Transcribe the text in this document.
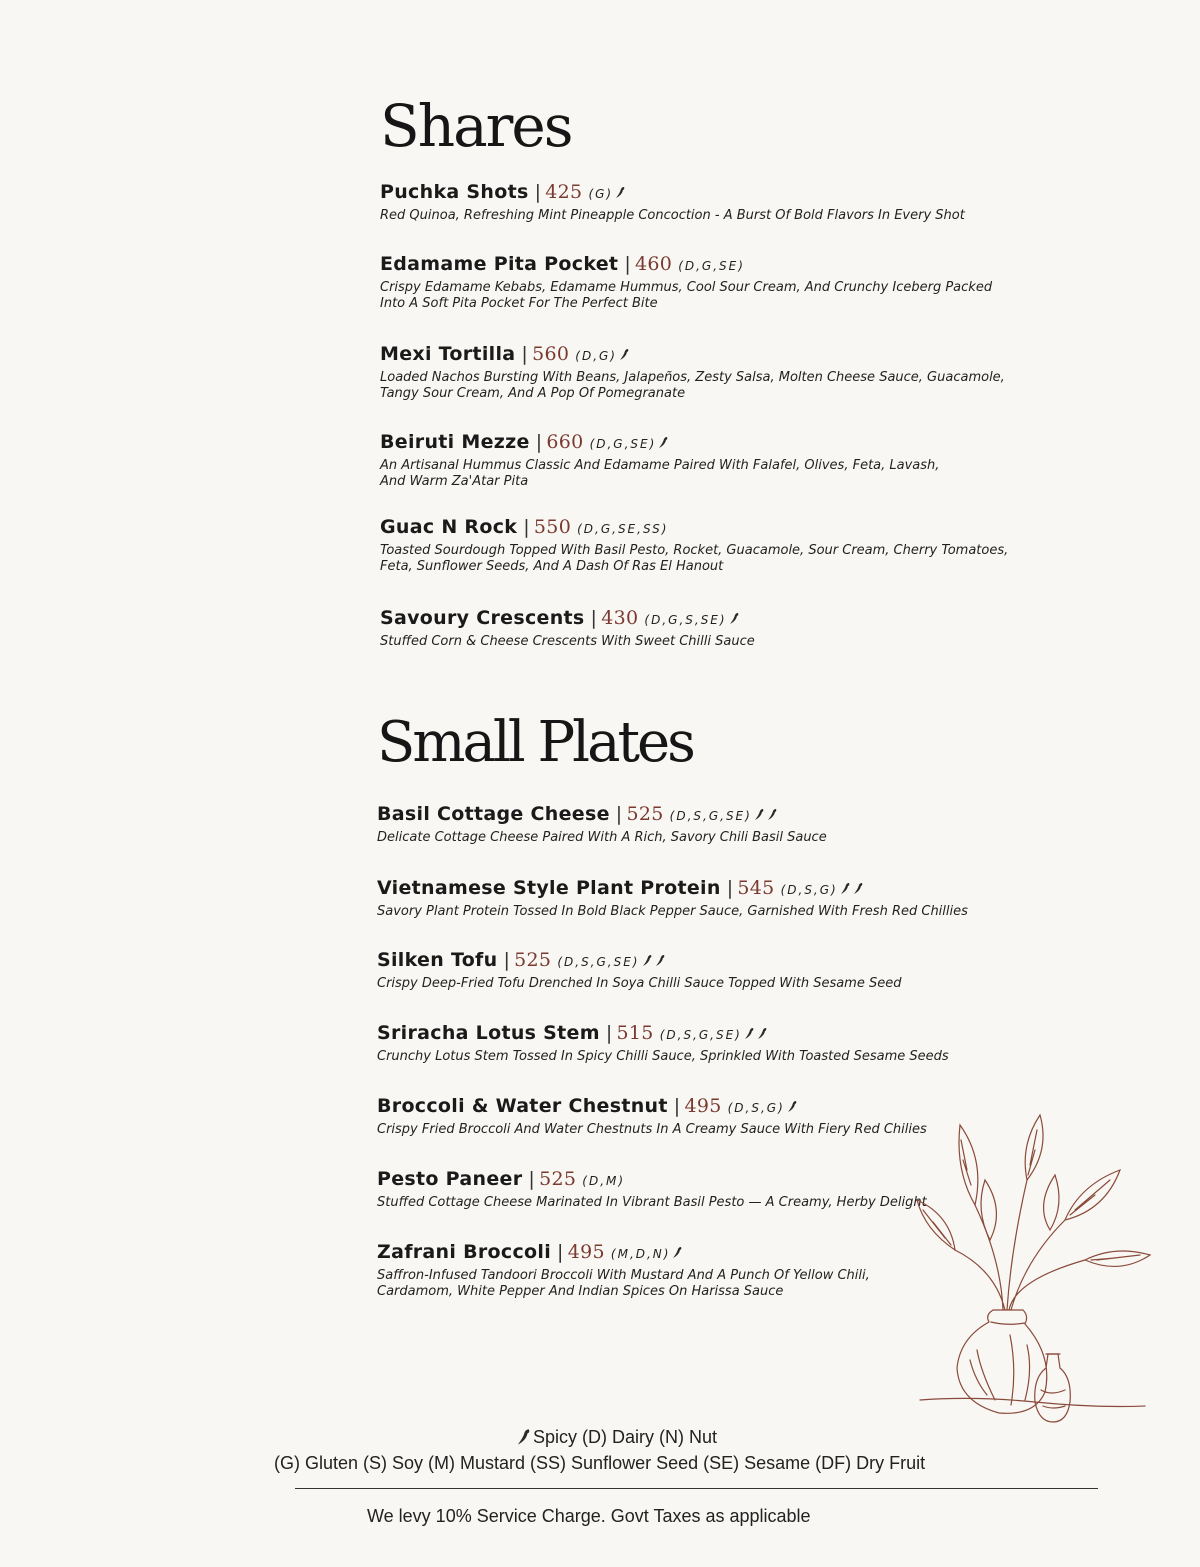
Shares
Puchka Shots | 425 (G)
Red Quinoa, Refreshing Mint Pineapple Concoction - A Burst Of Bold Flavors In Every Shot
Edamame Pita Pocket | 460 (D,G,SE)
Crispy Edamame Kebabs, Edamame Hummus, Cool Sour Cream, And Crunchy Iceberg Packed
Into A Soft Pita Pocket For The Perfect Bite
Mexi Tortilla | 560 (D,G)
Loaded Nachos Bursting With Beans, Jalapeños, Zesty Salsa, Molten Cheese Sauce, Guacamole,
Tangy Sour Cream, And A Pop Of Pomegranate
Beiruti Mezze | 660 (D,G,SE)
An Artisanal Hummus Classic And Edamame Paired With Falafel, Olives, Feta, Lavash,
And Warm Za'Atar Pita
Guac N Rock | 550 (D,G,SE,SS)
Toasted Sourdough Topped With Basil Pesto, Rocket, Guacamole, Sour Cream, Cherry Tomatoes,
Feta, Sunflower Seeds, And A Dash Of Ras El Hanout
Savoury Crescents | 430 (D,G,S,SE)
Stuffed Corn & Cheese Crescents With Sweet Chilli Sauce
Small Plates
Basil Cottage Cheese | 525 (D,S,G,SE)
Delicate Cottage Cheese Paired With A Rich, Savory Chili Basil Sauce
Vietnamese Style Plant Protein | 545 (D,S,G)
Savory Plant Protein Tossed In Bold Black Pepper Sauce, Garnished With Fresh Red Chillies
Silken Tofu | 525 (D,S,G,SE)
Crispy Deep-Fried Tofu Drenched In Soya Chilli Sauce Topped With Sesame Seed
Sriracha Lotus Stem | 515 (D,S,G,SE)
Crunchy Lotus Stem Tossed In Spicy Chilli Sauce, Sprinkled With Toasted Sesame Seeds
Broccoli & Water Chestnut | 495 (D,S,G)
Crispy Fried Broccoli And Water Chestnuts In A Creamy Sauce With Fiery Red Chilies
Pesto Paneer | 525 (D,M)
Stuffed Cottage Cheese Marinated In Vibrant Basil Pesto — A Creamy, Herby Delight
Zafrani Broccoli | 495 (M,D,N)
Saffron-Infused Tandoori Broccoli With Mustard And A Punch Of Yellow Chili,
Cardamom, White Pepper And Indian Spices On Harissa Sauce
Spicy (D) Dairy (N) Nut
(G) Gluten (S) Soy (M) Mustard (SS) Sunflower Seed (SE) Sesame (DF) Dry Fruit
We levy 10% Service Charge. Govt Taxes as applicable
